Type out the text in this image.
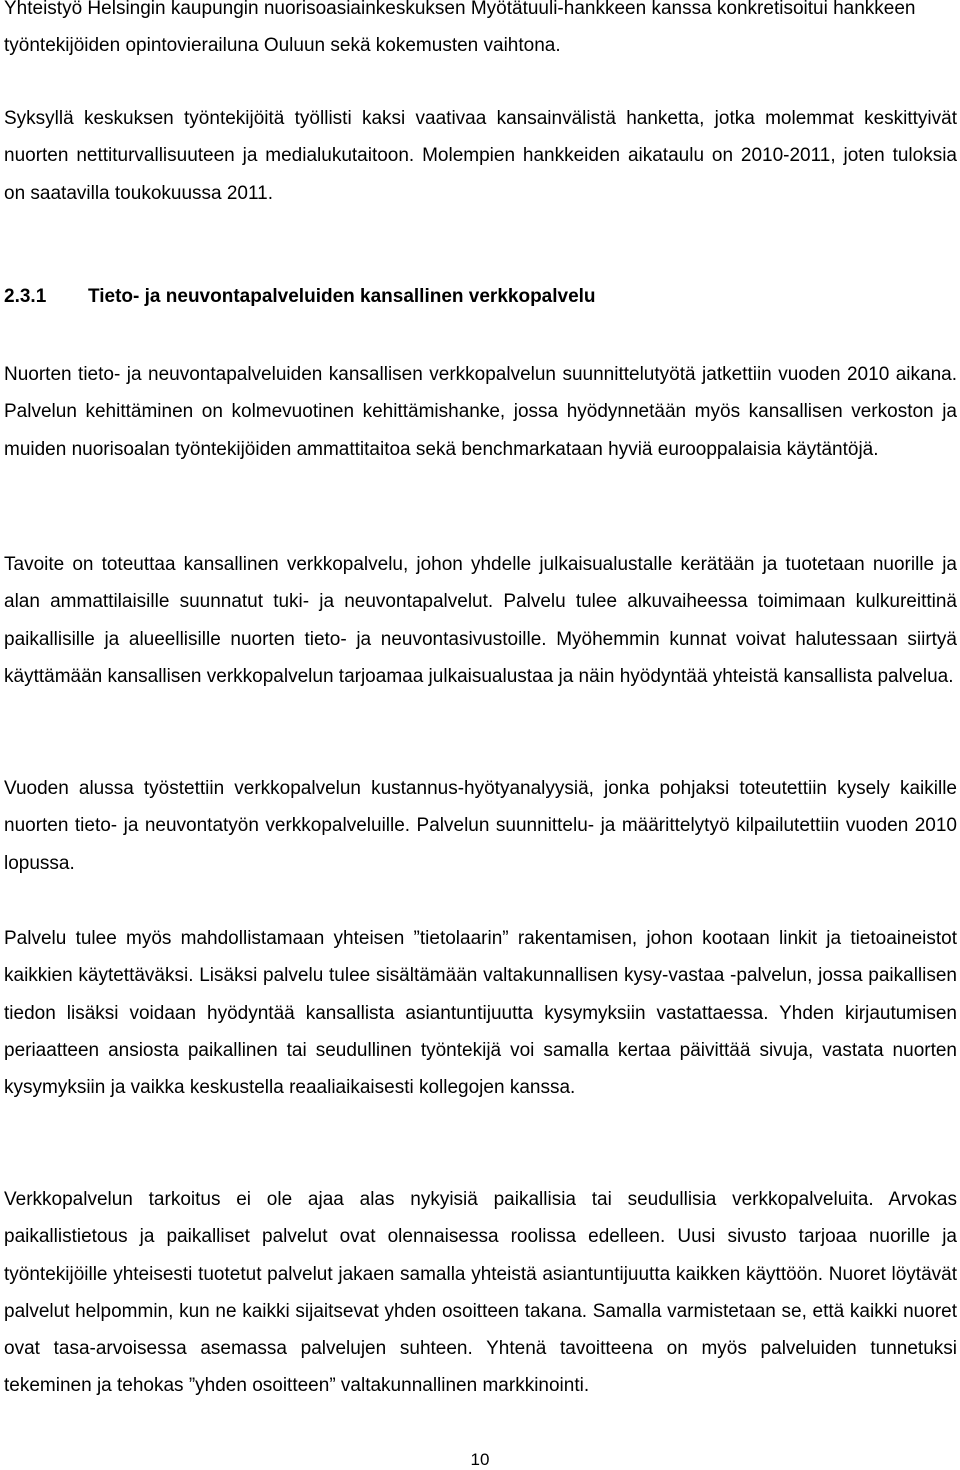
Yhteistyö Helsingin kaupungin nuorisoasiainkeskuksen Myötätuuli-hankkeen kanssa konkretisoitui hankkeen työntekijöiden opintovierailuna Ouluun sekä kokemusten vaihtona.

Syksyllä keskuksen työntekijöitä työllisti kaksi vaativaa kansainvälistä hanketta, jotka molemmat keskittyivät nuorten nettiturvallisuuteen ja medialukutaitoon. Molempien hankkeiden aikataulu on 2010-2011, joten tuloksia on saatavilla toukokuussa 2011.

2.3.1	Tieto- ja neuvontapalveluiden kansallinen verkkopalvelu

Nuorten tieto- ja neuvontapalveluiden kansallisen verkkopalvelun suunnittelutyötä jatkettiin vuoden 2010 aikana. Palvelun kehittäminen on kolmevuotinen kehittämishanke, jossa hyödynnetään myös kansallisen verkoston ja muiden nuorisoalan työntekijöiden ammattitaitoa sekä benchmarkataan hyviä eurooppalaisia käytäntöjä.

Tavoite on toteuttaa kansallinen verkkopalvelu, johon yhdelle julkaisualustalle kerätään ja tuotetaan nuorille ja alan ammattilaisille suunnatut tuki- ja neuvontapalvelut. Palvelu tulee alkuvaiheessa toimimaan kulkureittinä paikallisille ja alueellisille nuorten tieto- ja neuvontasivustoille. Myöhemmin kunnat voivat halutessaan siirtyä käyttämään kansallisen verkkopalvelun tarjoamaa julkaisualustaa ja näin hyödyntää yhteistä kansallista palvelua.

Vuoden alussa työstettiin verkkopalvelun kustannus-hyötyanalyysiä, jonka pohjaksi toteutettiin kysely kaikille nuorten tieto- ja neuvontatyön verkkopalveluille. Palvelun suunnittelu- ja määrittelytyö kilpailutettiin vuoden 2010 lopussa.

Palvelu tulee myös mahdollistamaan yhteisen ”tietolaarin” rakentamisen, johon kootaan linkit ja tietoaineistot kaikkien käytettäväksi. Lisäksi palvelu tulee sisältämään valtakunnallisen kysy-vastaa -palvelun, jossa paikallisen tiedon lisäksi voidaan hyödyntää kansallista asiantuntijuutta kysymyksiin vastattaessa. Yhden kirjautumisen periaatteen ansiosta paikallinen tai seudullinen työntekijä voi samalla kertaa päivittää sivuja, vastata nuorten kysymyksiin ja vaikka keskustella reaaliaikaisesti kollegojen kanssa.

Verkkopalvelun tarkoitus ei ole ajaa alas nykyisiä paikallisia tai seudullisia verkkopalveluita. Arvokas paikallistietous ja paikalliset palvelut ovat olennaisessa roolissa edelleen. Uusi sivusto tarjoaa nuorille ja työntekijöille yhteisesti tuotetut palvelut jakaen samalla yhteistä asiantuntijuutta kaikken käyttöön. Nuoret löytävät palvelut helpommin, kun ne kaikki sijaitsevat yhden osoitteen takana. Samalla varmistetaan se, että kaikki nuoret ovat tasa-arvoisessa asemassa palvelujen suhteen. Yhtenä tavoitteena on myös palveluiden tunnetuksi tekeminen ja tehokas ”yhden osoitteen” valtakunnallinen markkinointi.

10
